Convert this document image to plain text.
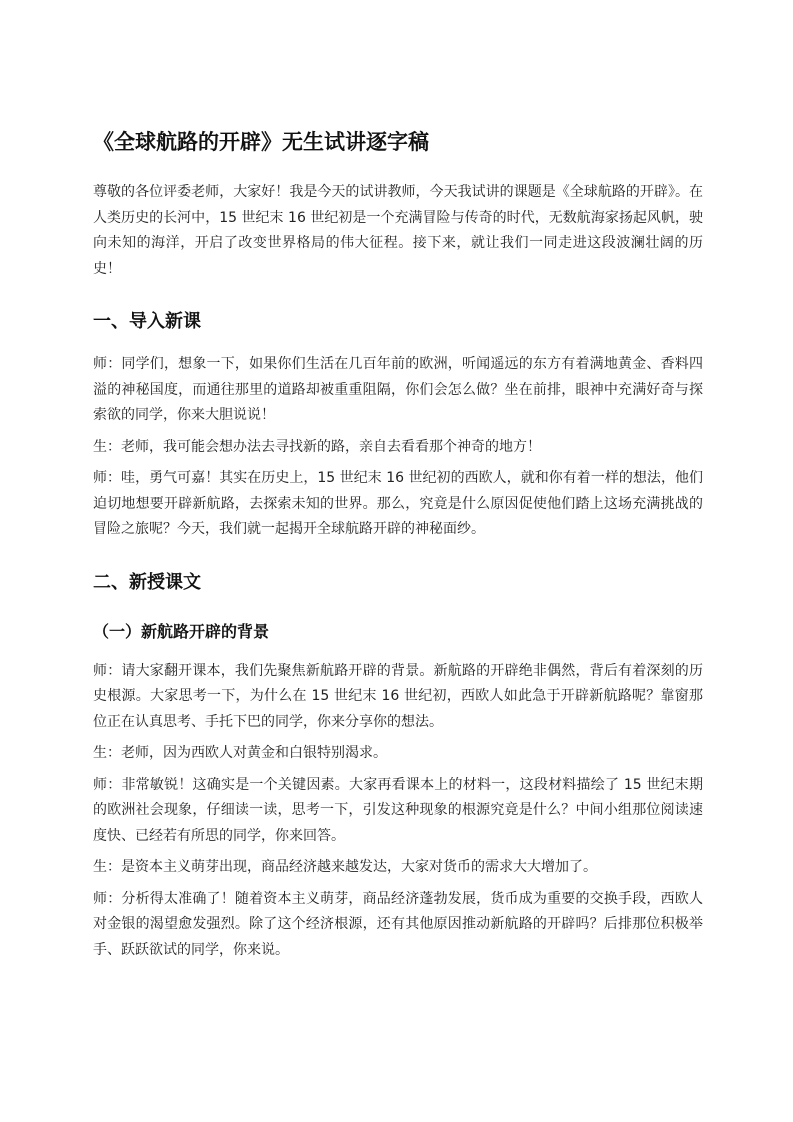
《全球航路的开辟》无生试讲逐字稿

尊敬的各位评委老师，大家好！我是今天的试讲教师，今天我试讲的课题是《全球航路的开辟》。在人类历史的长河中，15 世纪末 16 世纪初是一个充满冒险与传奇的时代，无数航海家扬起风帆，驶向未知的海洋，开启了改变世界格局的伟大征程。接下来，就让我们一同走进这段波澜壮阔的历史！

一、导入新课

师：同学们，想象一下，如果你们生活在几百年前的欧洲，听闻遥远的东方有着满地黄金、香料四溢的神秘国度，而通往那里的道路却被重重阻隔，你们会怎么做？坐在前排，眼神中充满好奇与探索欲的同学，你来大胆说说！

生：老师，我可能会想办法去寻找新的路，亲自去看看那个神奇的地方！

师：哇，勇气可嘉！其实在历史上，15 世纪末 16 世纪初的西欧人，就和你有着一样的想法，他们迫切地想要开辟新航路，去探索未知的世界。那么，究竟是什么原因促使他们踏上这场充满挑战的冒险之旅呢？今天，我们就一起揭开全球航路开辟的神秘面纱。

二、新授课文
（一）新航路开辟的背景

师：请大家翻开课本，我们先聚焦新航路开辟的背景。新航路的开辟绝非偶然，背后有着深刻的历史根源。大家思考一下，为什么在 15 世纪末 16 世纪初，西欧人如此急于开辟新航路呢？靠窗那位正在认真思考、手托下巴的同学，你来分享你的想法。

生：老师，因为西欧人对黄金和白银特别渴求。

师：非常敏锐！这确实是一个关键因素。大家再看课本上的材料一，这段材料描绘了 15 世纪末期的欧洲社会现象，仔细读一读，思考一下，引发这种现象的根源究竟是什么？中间小组那位阅读速度快、已经若有所思的同学，你来回答。

生：是资本主义萌芽出现，商品经济越来越发达，大家对货币的需求大大增加了。

师：分析得太准确了！随着资本主义萌芽，商品经济蓬勃发展，货币成为重要的交换手段，西欧人对金银的渴望愈发强烈。除了这个经济根源，还有其他原因推动新航路的开辟吗？后排那位积极举手、跃跃欲试的同学，你来说。
